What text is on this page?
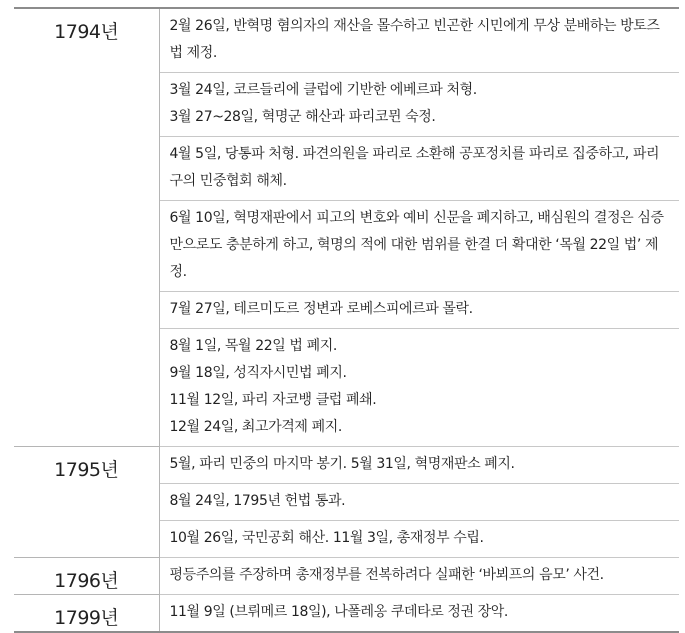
1794년	2월 26일, 반혁명 혐의자의 재산을 몰수하고 빈곤한 시민에게 무상 분배하는 방토즈법 제정.

	3월 24일, 코르들리에 클럽에 기반한 에베르파 처형.
3월 27~28일, 혁명군 해산과 파리코뮌 숙정.

	4월 5일, 당통파 처형. 파견의원을 파리로 소환해 공포정치를 파리로 집중하고, 파리 구의 민중협회 해체.

	6월 10일, 혁명재판에서 피고의 변호와 예비 신문을 폐지하고, 배심원의 결정은 심증만으로도 충분하게 하고, 혁명의 적에 대한 범위를 한결 더 확대한 ‘목월 22일 법’ 제정.

	7월 27일, 테르미도르 정변과 로베스피에르파 몰락.

	8월 1일, 목월 22일 법 폐지.
9월 18일, 성직자시민법 폐지.
11월 12일, 파리 자코뱅 클럽 폐쇄.
12월 24일, 최고가격제 폐지.

1795년	5월, 파리 민중의 마지막 봉기. 5월 31일, 혁명재판소 폐지.

	8월 24일, 1795년 헌법 통과.

	10월 26일, 국민공회 해산. 11월 3일, 총재정부 수립.

1796년	평등주의를 주장하며 총재정부를 전복하려다 실패한 ‘바뵈프의 음모’ 사건.

1799년	11월 9일 (브뤼메르 18일), 나폴레옹 쿠데타로 정권 장악.
